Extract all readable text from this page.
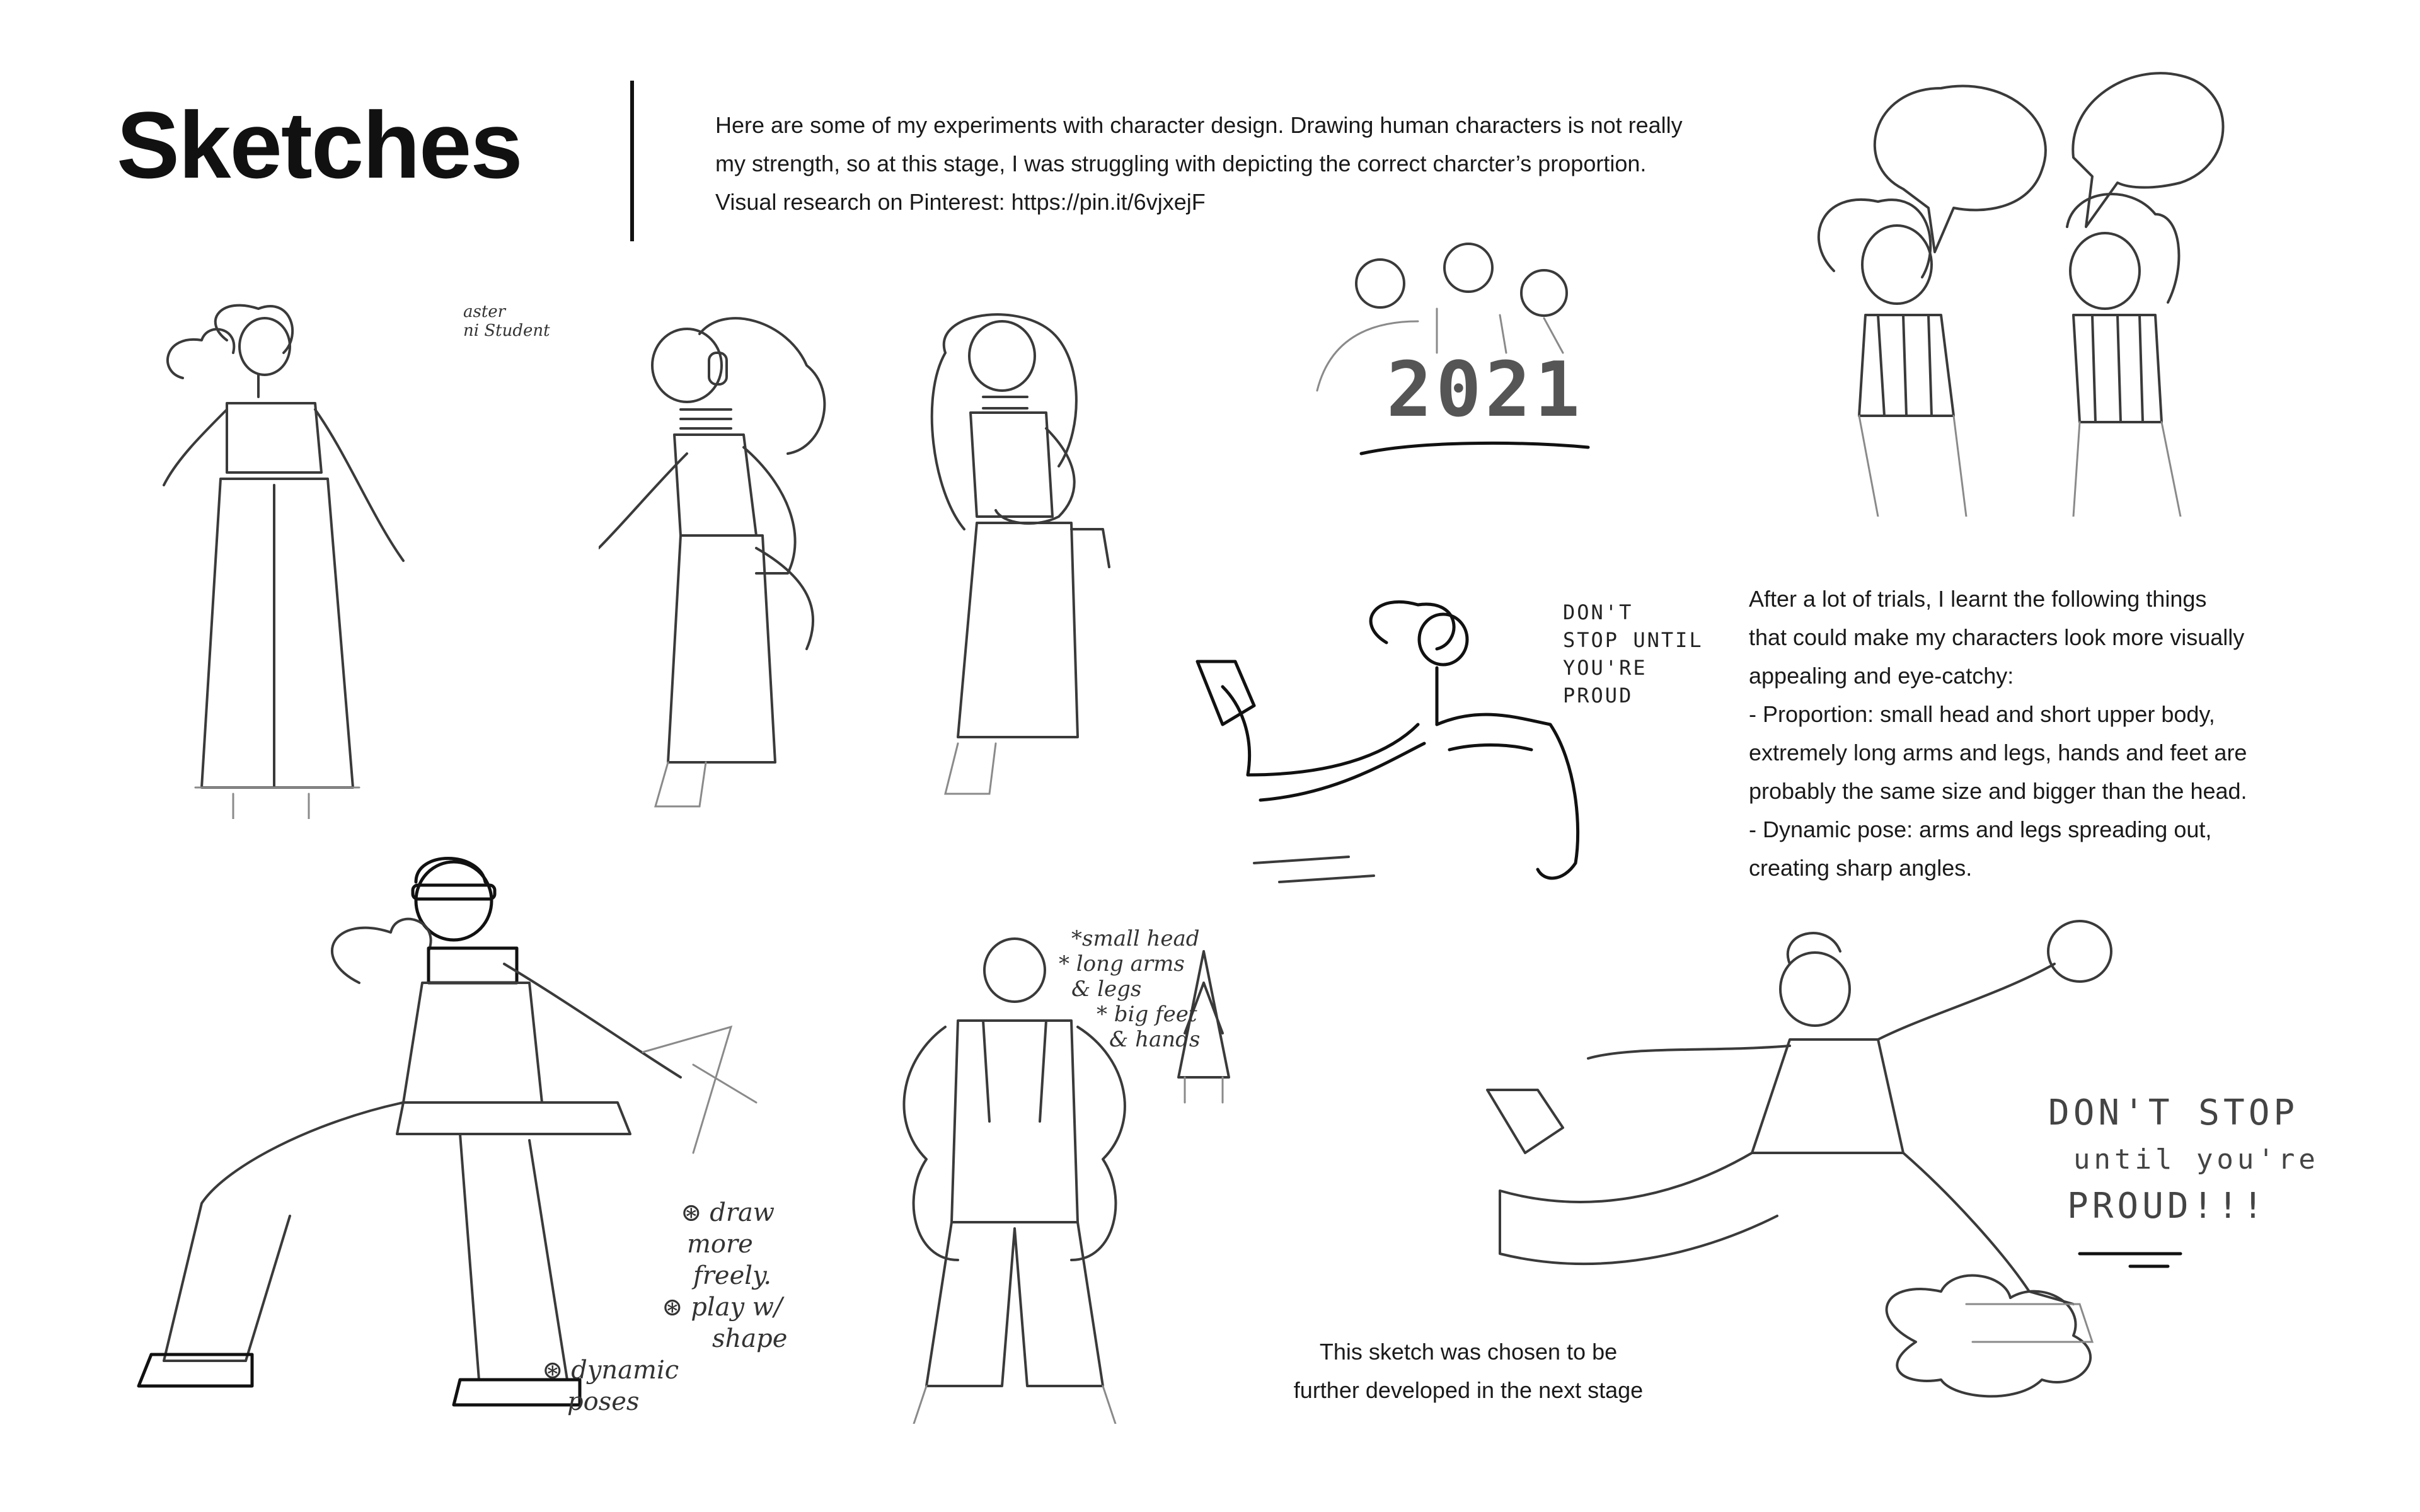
Sketches	Here are some of my experiments with character design. Drawing human characters is not really

my strength, so at this stage, I was struggling with depicting the correct charcter’s proportion.

Visual research on Pinterest: https://pin.it/6vjxejF

aster
ni Student
2021
DON'T
STOP UNTIL
YOU'RE
PROUD

After a lot of trials, I learnt the following things

that could make my characters look more visually

appealing and eye-catchy:

- Proportion: small head and short upper body,

extremely long arms and legs, hands and feet are

probably the same size and bigger than the head.

- Dynamic pose: arms and legs spreading out,

creating sharp angles.

⊛ draw
more
freely.
⊛ play w/
shape
⊛ dynamic
poses
*small head
* long arms
& legs
* big feet
& hands
DON'T STOP
until you're
PROUD!!!

This sketch was chosen to be

further developed in the next stage
